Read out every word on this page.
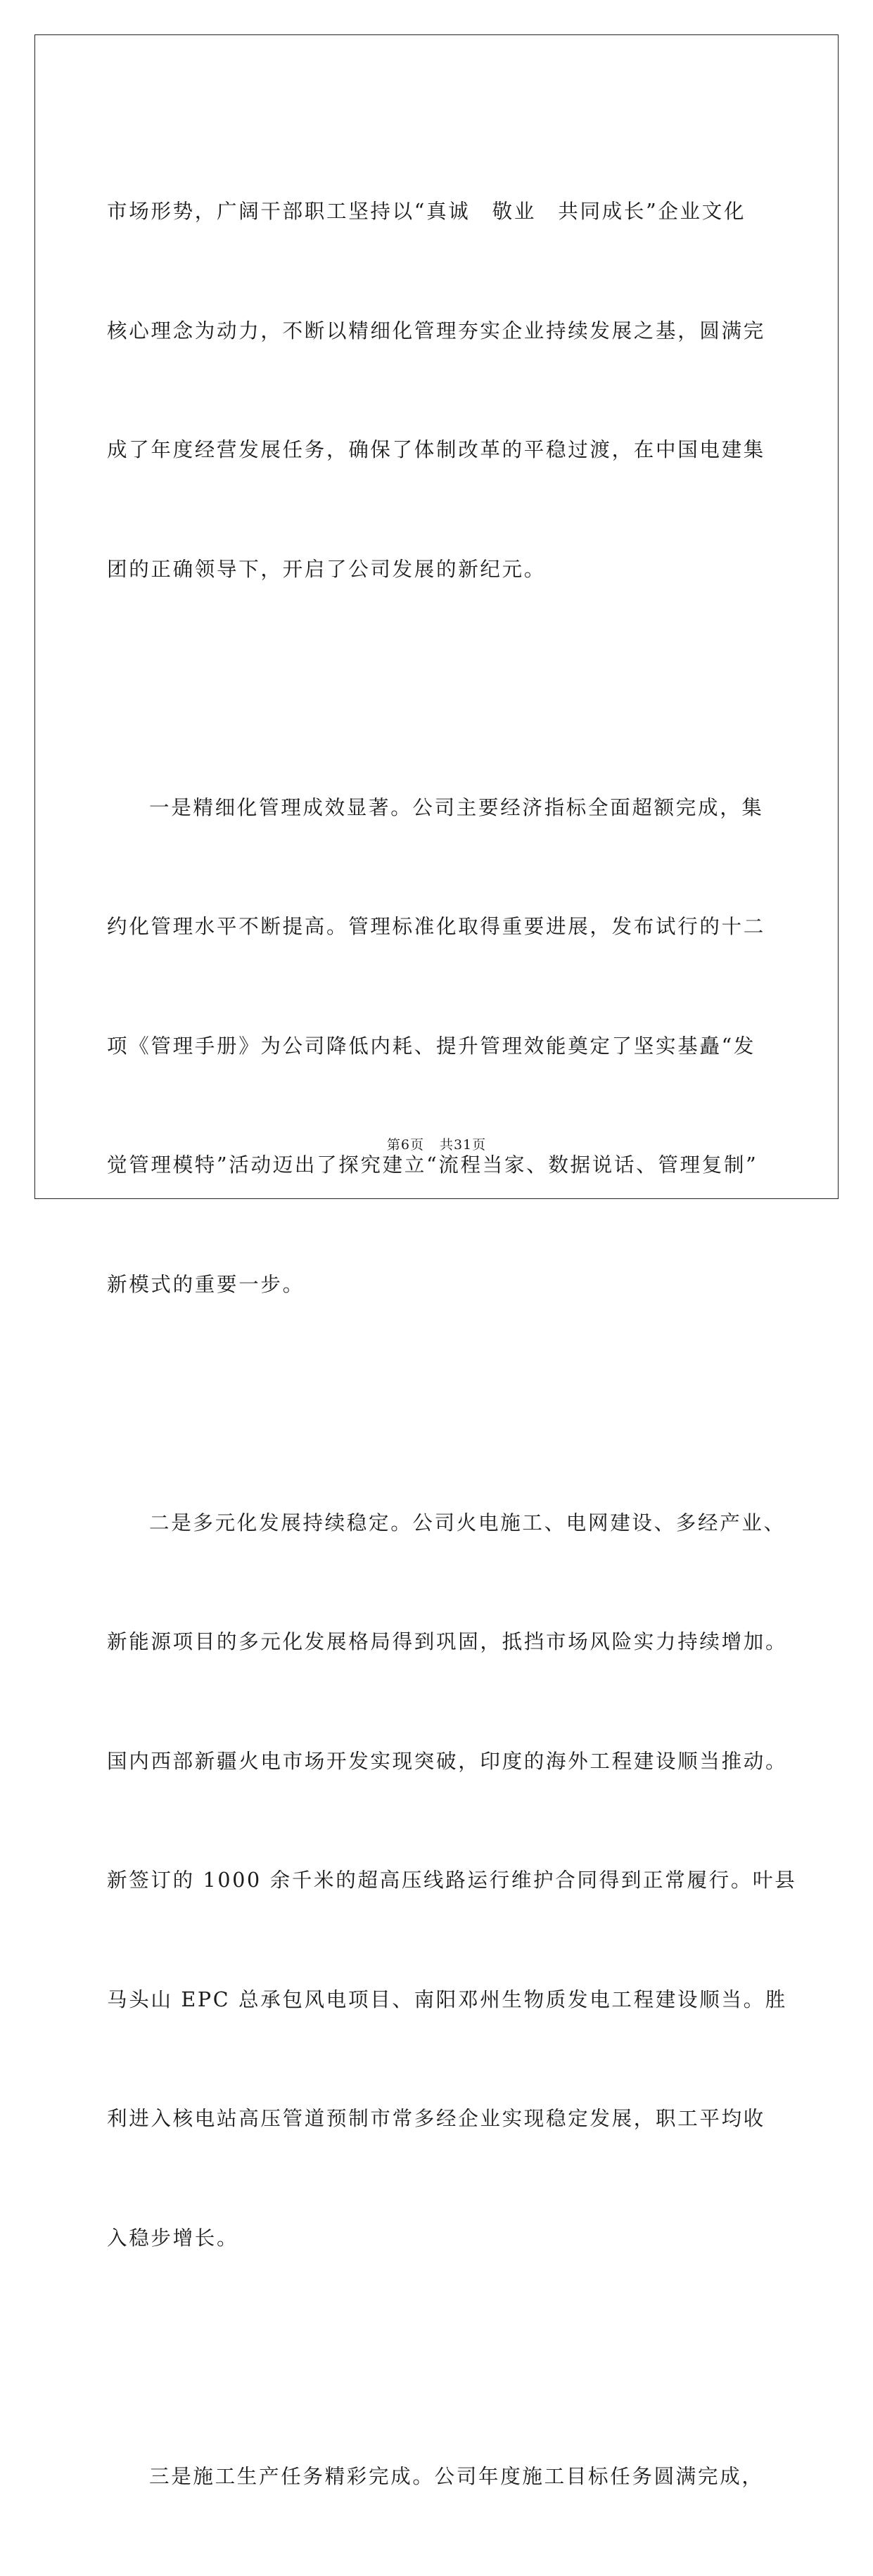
市场形势，广阔干部职工坚持以“真诚　敬业　共同成长”企业文化

核心理念为动力，不断以精细化管理夯实企业持续发展之基，圆满完

成了年度经营发展任务，确保了体制改革的平稳过渡，在中国电建集

团的正确领导下，开启了公司发展的新纪元。

一是精细化管理成效显著。公司主要经济指标全面超额完成，集

约化管理水平不断提高。管理标准化取得重要进展，发布试行的十二

项《管理手册》为公司降低内耗、提升管理效能奠定了坚实基矗“发

觉管理模特”活动迈出了探究建立“流程当家、数据说话、管理复制”

新模式的重要一步。

二是多元化发展持续稳定。公司火电施工、电网建设、多经产业、

新能源项目的多元化发展格局得到巩固，抵挡市场风险实力持续增加。

国内西部新疆火电市场开发实现突破，印度的海外工程建设顺当推动。

新签订的 1000 余千米的超高压线路运行维护合同得到正常履行。叶县

马头山 EPC 总承包风电项目、南阳邓州生物质发电工程建设顺当。胜

利进入核电站高压管道预制市常多经企业实现稳定发展，职工平均收

入稳步增长。

三是施工生产任务精彩完成。公司年度施工目标任务圆满完成，

第6页 共31页
